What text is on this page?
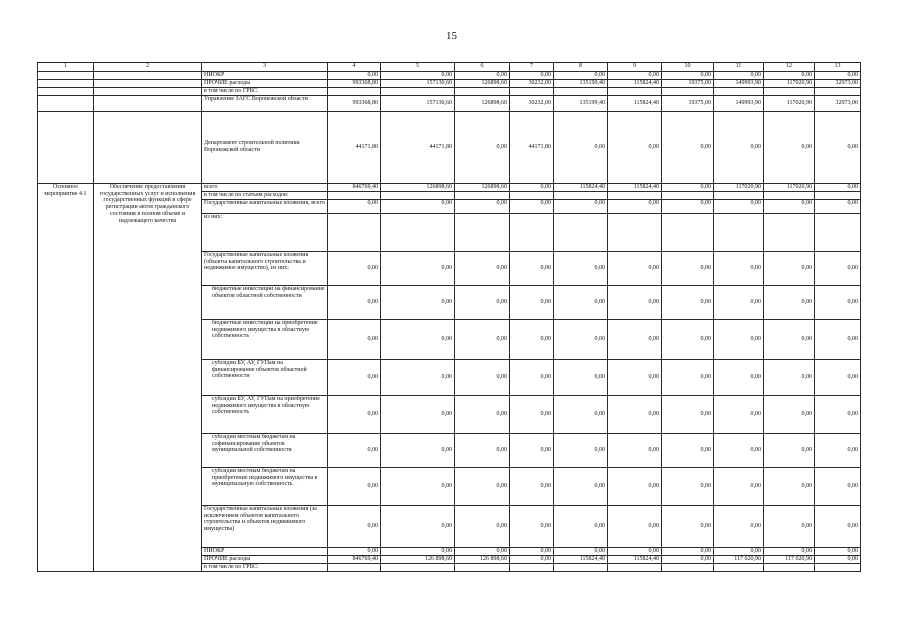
15
1	2	3	4	5	6	7	8	9	10	11	12	13
		НИОКР	0,00	0,00	0,00	0,00	0,00	0,00	0,00	0,00	0,00	0,00
		ПРОЧИЕ расходы	993368,80	157130,60	126898,60	30232,00	135199,40	115824,40	19375,00	149993,90	117020,90	32973,00
		в том числе по ГРБС:										
		Управление ЗАГС Воронежской области	993368,80	157130,60	126898,60	30232,00	135199,40	115824,40	19375,00	149993,90	117020,90	32973,00
		Департамент строительной политики Воронежской области	44171,80	44171,80	0,00	44171,80	0,00	0,00	0,00	0,00	0,00	0,00
Основное мероприятие 4.1	Обеспечение предоставления государственных услуг и исполнения государственных функций в сфере регистрации актов гражданского состояния в полном объеме и надлежащего качества	всего	846769,40	126898,60	126898,60	0,00	115824,40	115824,40	0,00	117020,90	117020,90	0,00
		в том числе по статьям расходов:										
		Государственные капитальные вложения, всего	0,00	0,00	0,00	0,00	0,00	0,00	0,00	0,00	0,00	0,00
		из них:										
		Государственные капитальные вложения (объекты капитального строительства и недвижимое имущество), из них:	0,00	0,00	0,00	0,00	0,00	0,00	0,00	0,00	0,00	0,00
		бюджетные инвестиции на финансирование объектов областной собственности	0,00	0,00	0,00	0,00	0,00	0,00	0,00	0,00	0,00	0,00
		бюджетные инвестиции на приобретение недвижимого имущества в областную собственность	0,00	0,00	0,00	0,00	0,00	0,00	0,00	0,00	0,00	0,00
		субсидии БУ, АУ, ГУПам на финансирование объектов областной собственности	0,00	0,00	0,00	0,00	0,00	0,00	0,00	0,00	0,00	0,00
		субсидии БУ, АУ, ГУПам на приобретение недвижимого имущества в областную собственность	0,00	0,00	0,00	0,00	0,00	0,00	0,00	0,00	0,00	0,00
		субсидии местным бюджетам на софинансирование объектов муниципальной собственности	0,00	0,00	0,00	0,00	0,00	0,00	0,00	0,00	0,00	0,00
		субсидии местным бюджетам на приобретение недвижимого имущества в муниципальную собственность	0,00	0,00	0,00	0,00	0,00	0,00	0,00	0,00	0,00	0,00
		Государственные капитальные вложения (за исключением объектов капитального строительства и объектов недвижимого имущества)	0,00	0,00	0,00	0,00	0,00	0,00	0,00	0,00	0,00	0,00
		НИОКР	0,00	0,00	0,00	0,00	0,00	0,00	0,00	0,00	0,00	0,00
		ПРОЧИЕ расходы	846769,40	126 898,60	126 898,60	0,00	115824,40	115824,40	0,00	117 020,90	117 020,90	0,00
		в том числе по ГРБС:										
